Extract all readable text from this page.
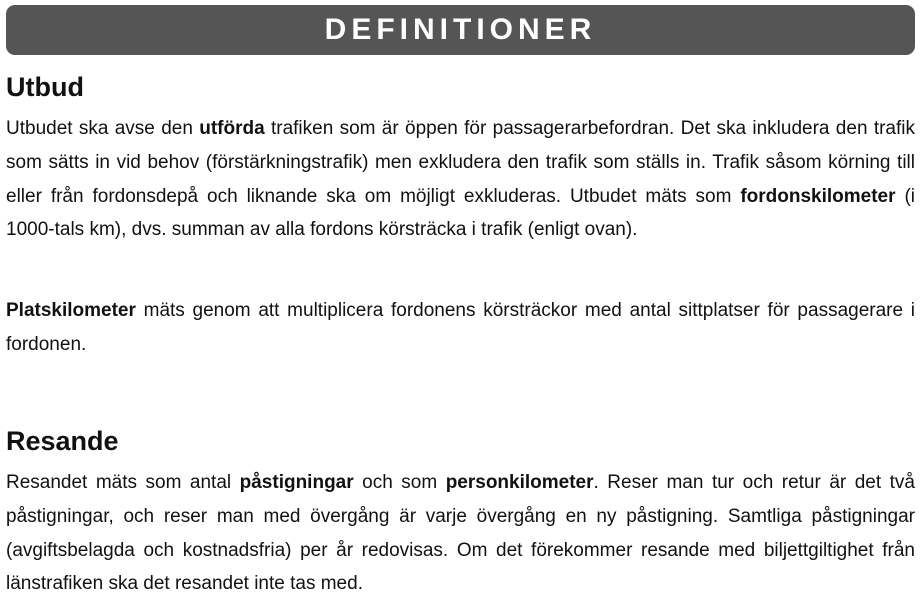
DEFINITIONER
Utbud

Utbudet ska avse den utförda trafiken som är öppen för passagerarbefordran. Det ska inkludera den trafik som sätts in vid behov (förstärkningstrafik) men exkludera den trafik som ställs in. Trafik såsom körning till eller från fordonsdepå och liknande ska om möjligt exkluderas. Utbudet mäts som fordonskilometer (i 1000-tals km), dvs. summan av alla fordons körsträcka i trafik (enligt ovan).

Platskilometer mäts genom att multiplicera fordonens körsträckor med antal sittplatser för passagerare i fordonen.

Resande

Resandet mäts som antal påstigningar och som personkilometer. Reser man tur och retur är det två påstigningar, och reser man med övergång är varje övergång en ny påstigning. Samtliga påstigningar (avgiftsbelagda och kostnadsfria) per år redovisas. Om det förekommer resande med biljettgiltighet från länstrafiken ska det resandet inte tas med.
